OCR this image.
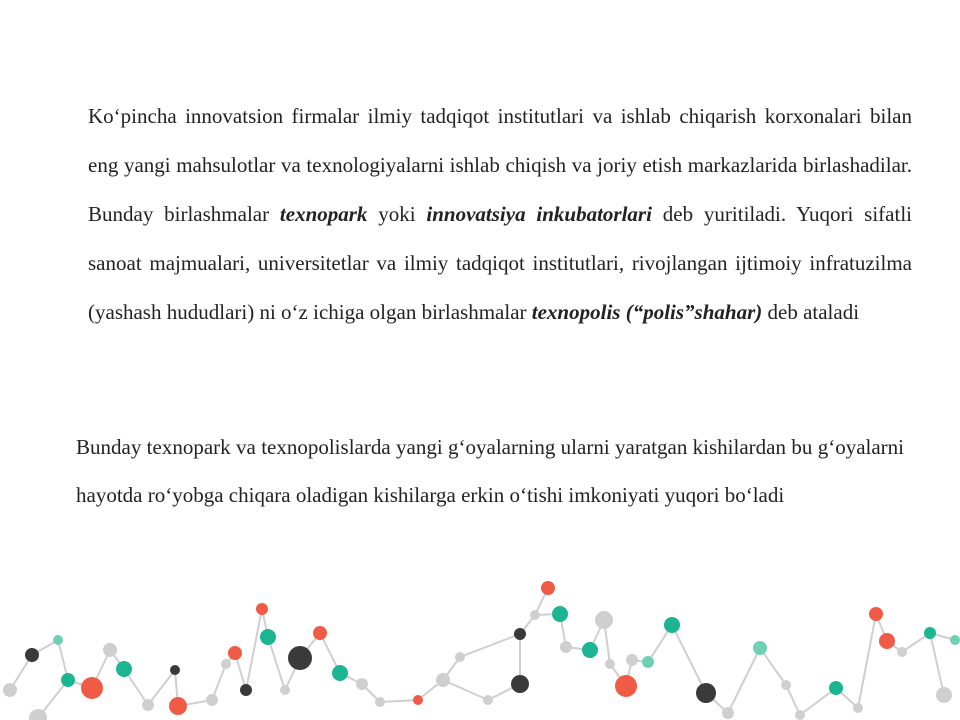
Ko‘pincha innovatsion firmalar ilmiy tadqiqot institutlari va ishlab chiqarish korxonalari bilan eng yangi mahsulotlar va texnologiyalarni ishlab chiqish va joriy etish markazlarida birlashadilar. Bunday birlashmalar texnopark yoki innovatsiya inkubatorlari deb yuritiladi. Yuqori sifatli sanoat majmualari, universitetlar va ilmiy tadqiqot institutlari, rivojlangan ijtimoiy infratuzilma (yashash hududlari) ni o‘z ichiga olgan birlashmalar texnopolis (“polis”shahar) deb ataladi

Bunday texnopark va texnopolislarda yangi g‘oyalarning ularni yaratgan kishilardan bu g‘oyalarni hayotda ro‘yobga chiqara oladigan kishilarga erkin o‘tishi imkoniyati yuqori bo‘ladi
